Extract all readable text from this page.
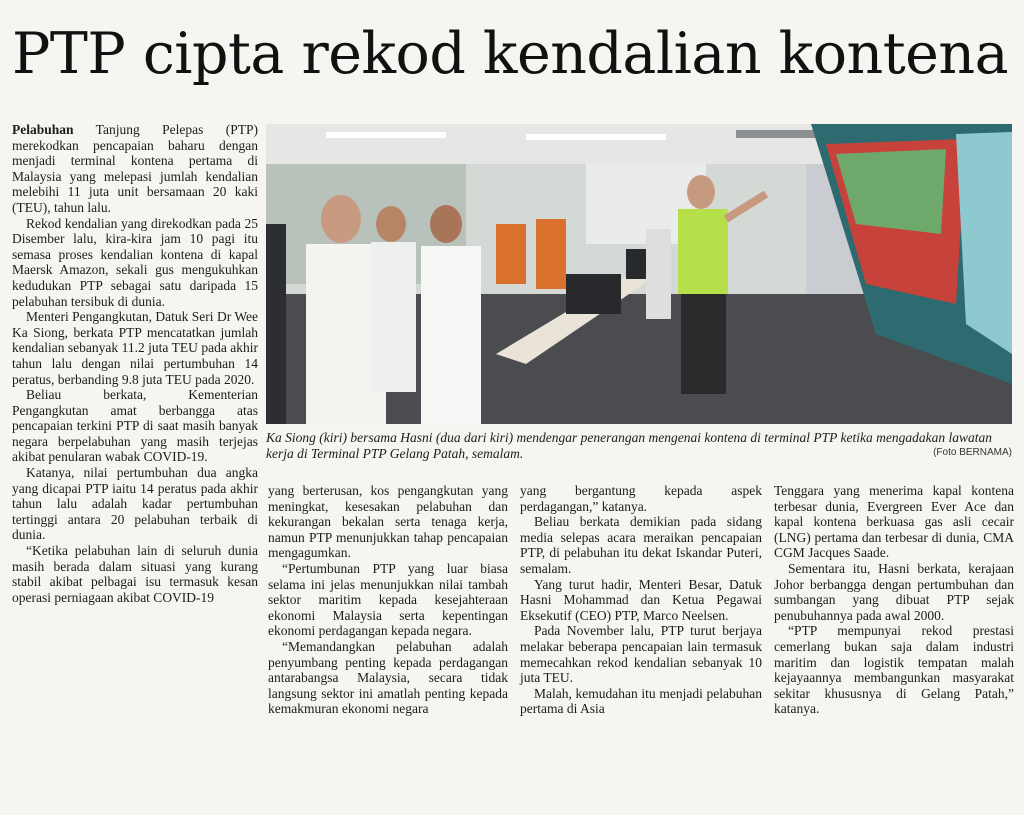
PTP cipta rekod kendalian kontena

Pelabuhan Tanjung Pelepas (PTP) merekodkan pencapaian baharu dengan menjadi terminal kontena pertama di Malaysia yang melepasi jumlah kendalian melebihi 11 juta unit bersamaan 20 kaki (TEU), tahun lalu.

Rekod kendalian yang direkodkan pada 25 Disember lalu, kira-kira jam 10 pagi itu semasa proses kendalian kontena di kapal Maersk Amazon, sekali gus mengukuhkan kedudukan PTP sebagai satu daripada 15 pelabuhan tersibuk di dunia.

Menteri Pengangkutan, Datuk Seri Dr Wee Ka Siong, berkata PTP mencatatkan jumlah kendalian sebanyak 11.2 juta TEU pada akhir tahun lalu dengan nilai pertumbuhan 14 peratus, berbanding 9.8 juta TEU pada 2020.

Beliau berkata, Kementerian Pengangkutan amat berbangga atas pencapaian terkini PTP di saat masih banyak negara berpelabuhan yang masih terjejas akibat penularan wabak COVID-19.

Katanya, nilai pertumbuhan dua angka yang dicapai PTP iaitu 14 peratus pada akhir tahun lalu adalah kadar pertumbuhan tertinggi antara 20 pelabuhan terbaik di dunia.

“Ketika pelabuhan lain di seluruh dunia masih berada dalam situasi yang kurang stabil akibat pelbagai isu termasuk kesan operasi perniagaan akibat COVID-19

Ka Siong (kiri) bersama Hasni (dua dari kiri) mendengar penerangan mengenai kontena di terminal PTP ketika mengadakan lawatan kerja di Terminal PTP Gelang Patah, semalam.	(Foto BERNAMA)

yang berterusan, kos pengangkutan yang meningkat, kesesakan pelabuhan dan kekurangan bekalan serta tenaga kerja, namun PTP menunjukkan tahap pencapaian mengagumkan.

“Pertumbunan PTP yang luar biasa selama ini jelas menunjukkan nilai tambah sektor maritim kepada kesejahteraan ekonomi Malaysia serta kepentingan ekonomi perdagangan kepada negara.

“Memandangkan pelabuhan adalah penyumbang penting kepada perdagangan antarabangsa Malaysia, secara tidak langsung sektor ini amatlah penting kepada kemakmuran ekonomi negara

yang bergantung kepada aspek perdagangan,” katanya.

Beliau berkata demikian pada sidang media selepas acara meraikan pencapaian PTP, di pelabuhan itu dekat Iskandar Puteri, semalam.

Yang turut hadir, Menteri Besar, Datuk Hasni Mohammad dan Ketua Pegawai Eksekutif (CEO) PTP, Marco Neelsen.

Pada November lalu, PTP turut berjaya melakar beberapa pencapaian lain termasuk memecahkan rekod kendalian sebanyak 10 juta TEU.

Malah, kemudahan itu menjadi pelabuhan pertama di Asia

Tenggara yang menerima kapal kontena terbesar dunia, Evergreen Ever Ace dan kapal kontena berkuasa gas asli cecair (LNG) pertama dan terbesar di dunia, CMA CGM Jacques Saade.

Sementara itu, Hasni berkata, kerajaan Johor berbangga dengan pertumbuhan dan sumbangan yang dibuat PTP sejak penubuhannya pada awal 2000.

“PTP mempunyai rekod prestasi cemerlang bukan saja dalam industri maritim dan logistik tempatan malah kejayaannya membangunkan masyarakat sekitar khususnya di Gelang Patah,” katanya.
